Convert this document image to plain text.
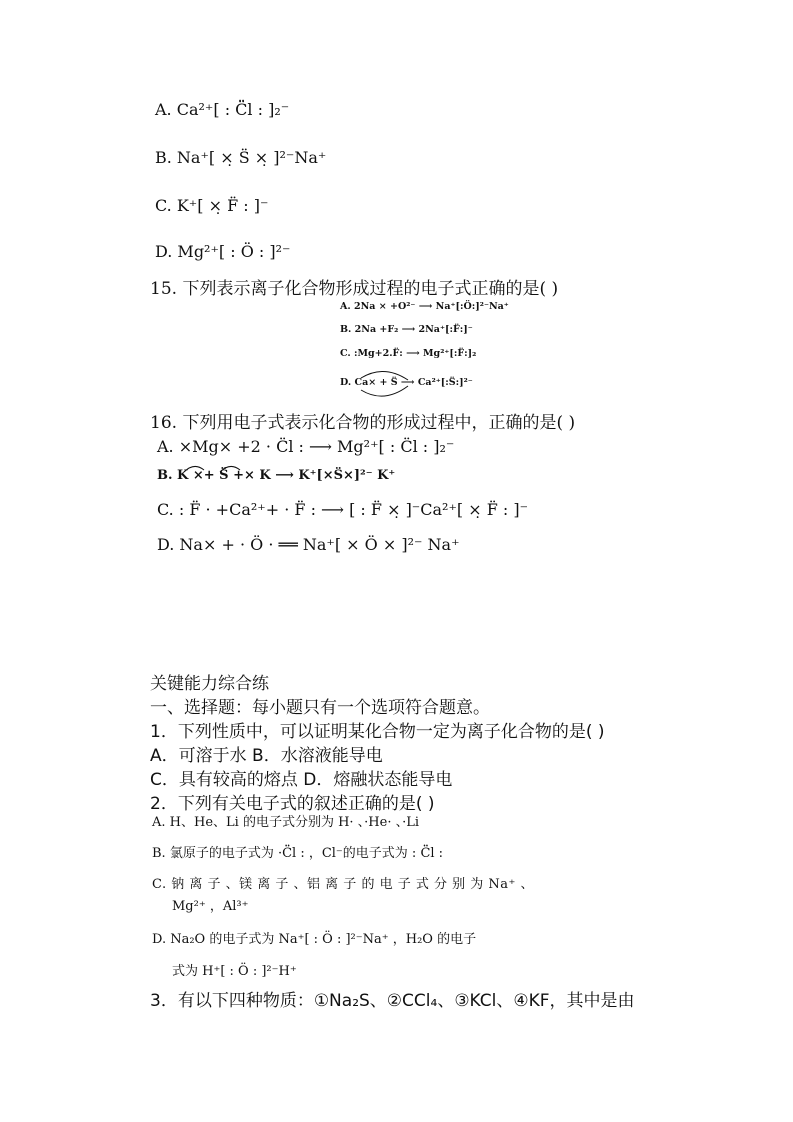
A. Ca²⁺[ : C̈̈l : ]₂⁻
B. Na⁺[ ×̣ S̈ ×̣ ]²⁻Na⁺
C. K⁺[ ×̣ F̈ : ]⁻
D. Mg²⁺[ : Ö : ]²⁻
15. 下列表示离子化合物形成过程的电子式正确的是( )
A. 2Na × +O²⁻ ⟶ Na⁺[:Ö:]²⁻Na⁺
B. 2Na +F₂ ⟶ 2Na⁺[:F̈:]⁻
C. :Mg+2.F̈: ⟶ Mg²⁺[:F̈:]₂
D. Ca× + S̈ ⟶ Ca²⁺[:S̈:]²⁻
16. 下列用电子式表示化合物的形成过程中，正确的是( )
A. ×Mg× +2 · C̈l : ⟶ Mg²⁺[ : C̈l : ]₂⁻
B. K ×+ S̈ +× K ⟶ K⁺[×S̈×]²⁻ K⁺
C. : F̈ · +Ca²⁺+ · F̈ : ⟶ [ : F̈ ×̣ ]⁻Ca²⁺[ ×̣ F̈ : ]⁻
D. Na× + · Ö · ══ Na⁺[ × Ö × ]²⁻ Na⁺
关键能力综合练
一、选择题：每小题只有一个选项符合题意。
1．下列性质中，可以证明某化合物一定为离子化合物的是( )
A．可溶于水 B．水溶液能导电
C．具有较高的熔点 D．熔融状态能导电
2．下列有关电子式的叙述正确的是( )
A. H、He、Li 的电子式分别为 H· 、·He· 、·Li
B. 氯原子的电子式为 ·C̈̈l : ，Cl⁻的电子式为 : C̈̈l :
C. 钠 离 子 、镁 离 子 、铝 离 子 的 电 子 式 分 别 为 Na⁺ 、
Mg²⁺ ，Al³⁺
D. Na₂O 的电子式为 Na⁺[ : Ö : ]²⁻Na⁺ ，H₂O 的电子
式为 H⁺[ : Ö : ]²⁻H⁺
3．有以下四种物质：①Na₂S、②CCl₄、③KCl、④KF，其中是由
